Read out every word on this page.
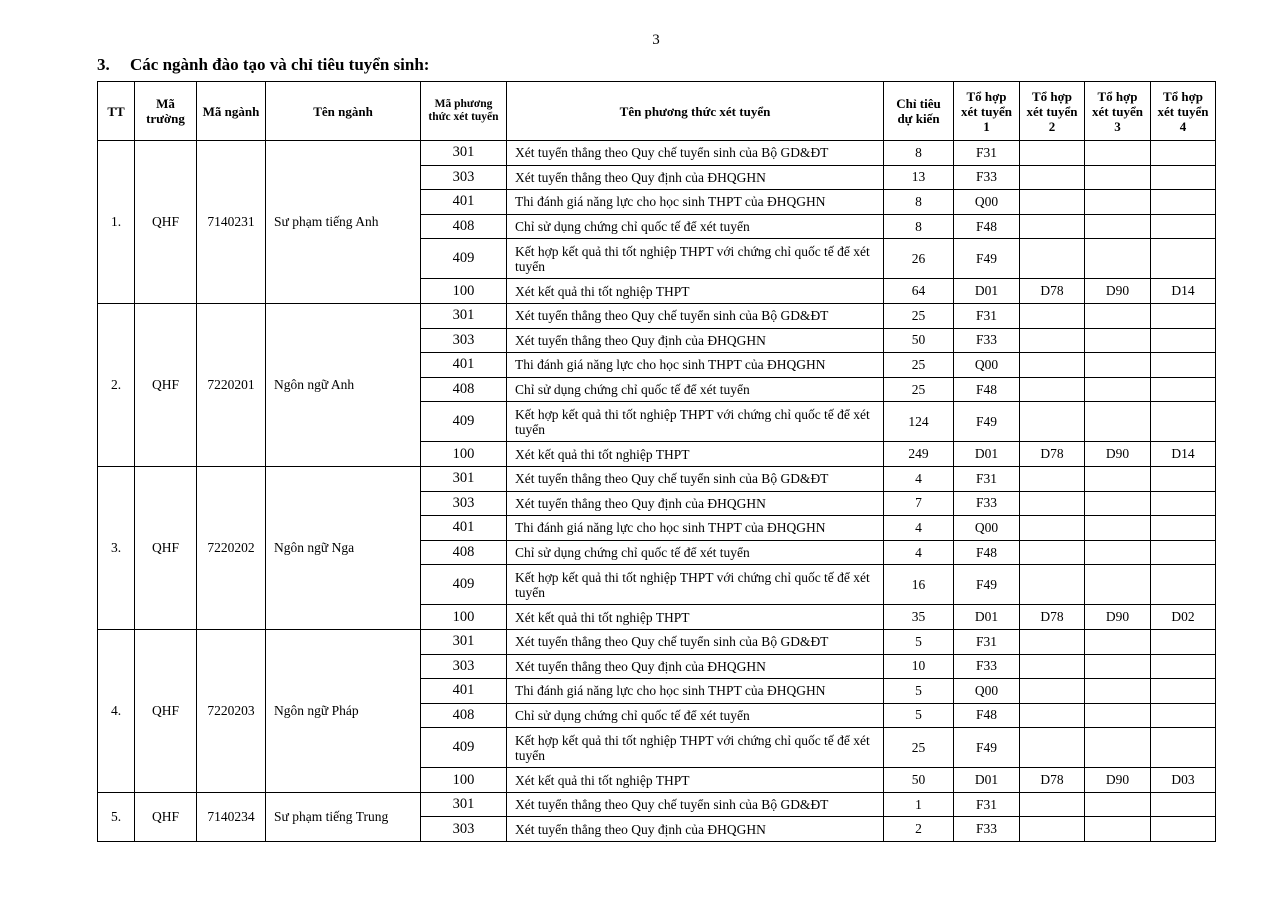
3
3. Các ngành đào tạo và chỉ tiêu tuyển sinh:
TT	Mã trường	Mã ngành	Tên ngành	Mã phương thức xét tuyển	Tên phương thức xét tuyển	Chỉ tiêu dự kiến	Tổ hợp xét tuyển 1	Tổ hợp xét tuyển 2	Tổ hợp xét tuyển 3	Tổ hợp xét tuyển 4
1.	QHF	7140231	Sư phạm tiếng Anh	301	Xét tuyển thẳng theo Quy chế tuyển sinh của Bộ GD&ĐT	8	F31			
				303	Xét tuyển thẳng theo Quy định của ĐHQGHN	13	F33			
				401	Thi đánh giá năng lực cho học sinh THPT của ĐHQGHN	8	Q00			
				408	Chỉ sử dụng chứng chỉ quốc tế để xét tuyển	8	F48			
				409	Kết hợp kết quả thi tốt nghiệp THPT với chứng chỉ quốc tế để xét tuyển	26	F49			
				100	Xét kết quả thi tốt nghiệp THPT	64	D01	D78	D90	D14
2.	QHF	7220201	Ngôn ngữ Anh	301	Xét tuyển thẳng theo Quy chế tuyển sinh của Bộ GD&ĐT	25	F31			
				303	Xét tuyển thẳng theo Quy định của ĐHQGHN	50	F33			
				401	Thi đánh giá năng lực cho học sinh THPT của ĐHQGHN	25	Q00			
				408	Chỉ sử dụng chứng chỉ quốc tế để xét tuyển	25	F48			
				409	Kết hợp kết quả thi tốt nghiệp THPT với chứng chỉ quốc tế để xét tuyển	124	F49			
				100	Xét kết quả thi tốt nghiệp THPT	249	D01	D78	D90	D14
3.	QHF	7220202	Ngôn ngữ Nga	301	Xét tuyển thẳng theo Quy chế tuyển sinh của Bộ GD&ĐT	4	F31			
				303	Xét tuyển thẳng theo Quy định của ĐHQGHN	7	F33			
				401	Thi đánh giá năng lực cho học sinh THPT của ĐHQGHN	4	Q00			
				408	Chỉ sử dụng chứng chỉ quốc tế để xét tuyển	4	F48			
				409	Kết hợp kết quả thi tốt nghiệp THPT với chứng chỉ quốc tế để xét tuyển	16	F49			
				100	Xét kết quả thi tốt nghiệp THPT	35	D01	D78	D90	D02
4.	QHF	7220203	Ngôn ngữ Pháp	301	Xét tuyển thẳng theo Quy chế tuyển sinh của Bộ GD&ĐT	5	F31			
				303	Xét tuyển thẳng theo Quy định của ĐHQGHN	10	F33			
				401	Thi đánh giá năng lực cho học sinh THPT của ĐHQGHN	5	Q00			
				408	Chỉ sử dụng chứng chỉ quốc tế để xét tuyển	5	F48			
				409	Kết hợp kết quả thi tốt nghiệp THPT với chứng chỉ quốc tế để xét tuyển	25	F49			
				100	Xét kết quả thi tốt nghiệp THPT	50	D01	D78	D90	D03
5.	QHF	7140234	Sư phạm tiếng Trung	301	Xét tuyển thẳng theo Quy chế tuyển sinh của Bộ GD&ĐT	1	F31			
				303	Xét tuyển thẳng theo Quy định của ĐHQGHN	2	F33			
